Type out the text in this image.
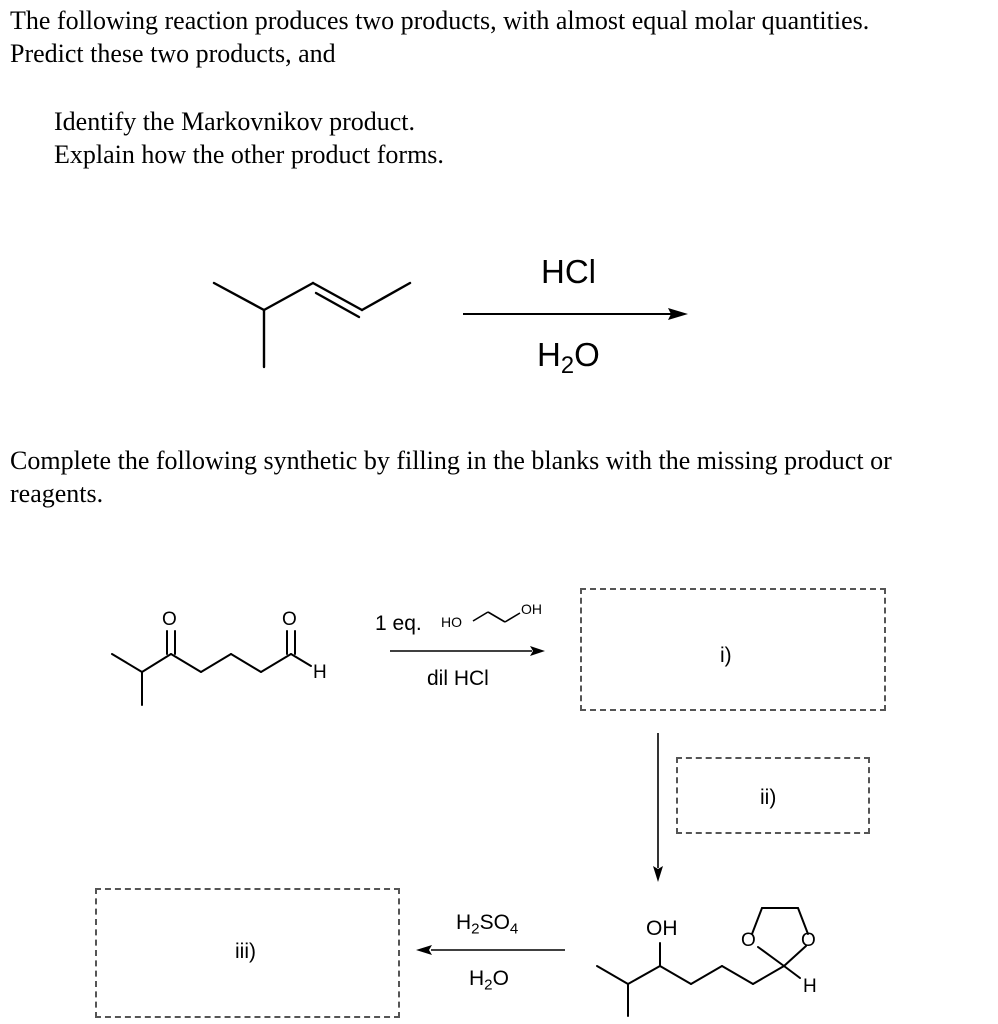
The following reaction produces two products, with almost equal molar quantities.
Predict these two products, and
Identify the Markovnikov product.
Explain how the other product forms.
HCl
$H_2O$
Complete the following synthetic by filling in the blanks with the missing product or
reagents.
O	O
H
1 eq. HO
OH
dil HCl
i)
ii)
iii)
$H_2SO_4$
$H_2O$
OH
O O
H
